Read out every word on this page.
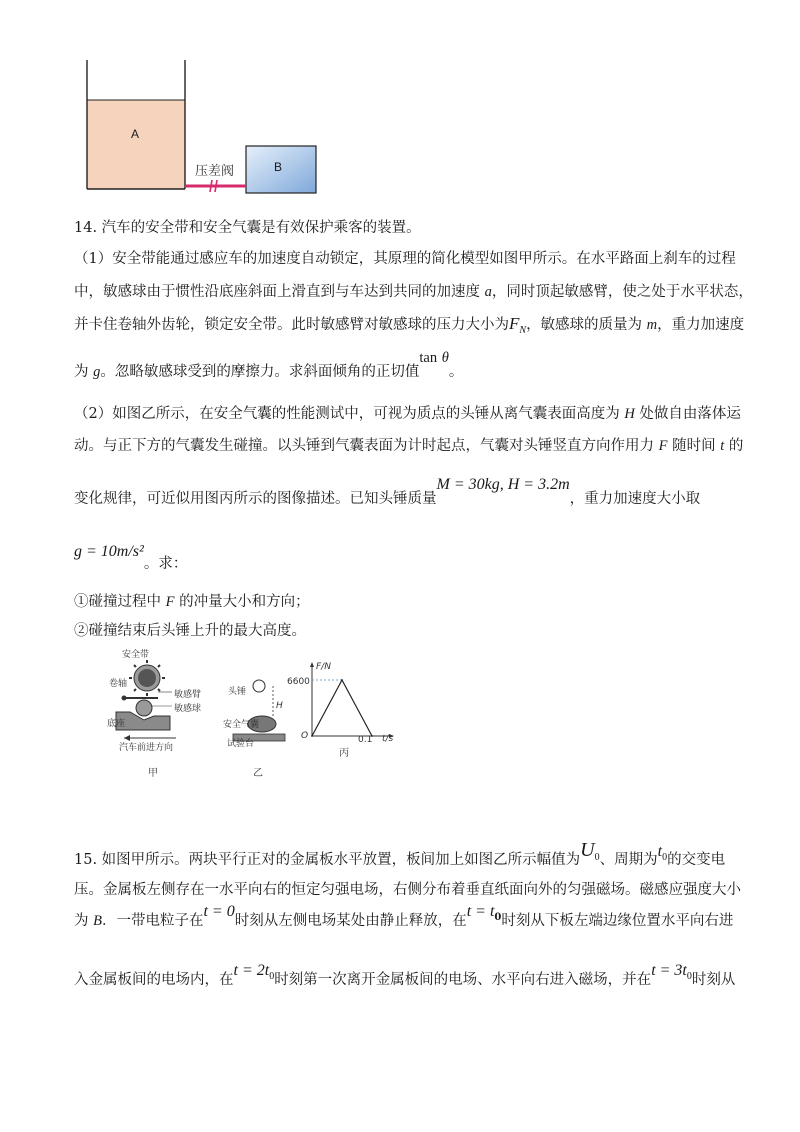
A
B
压差阀
14. 汽车的安全带和安全气囊是有效保护乘客的装置。
（1）安全带能通过感应车的加速度自动锁定，其原理的简化模型如图甲所示。在水平路面上刹车的过程
中，敏感球由于惯性沿底座斜面上滑直到与车达到共同的加速度 a，同时顶起敏感臂，使之处于水平状态，
并卡住卷轴外齿轮，锁定安全带。此时敏感臂对敏感球的压力大小为$F_N$，敏感球的质量为 m，重力加速度
为 g。忽略敏感球受到的摩擦力。求斜面倾角的正切值tan θ。
（2）如图乙所示，在安全气囊的性能测试中，可视为质点的头锤从离气囊表面高度为 H 处做自由落体运
动。与正下方的气囊发生碰撞。以头锤到气囊表面为计时起点，气囊对头锤竖直方向作用力 F 随时间 t 的
变化规律，可近似用图丙所示的图像描述。已知头锤质量M = 30kg, H = 3.2m，重力加速度大小取
g = 10m/s²。求：
①碰撞过程中 F 的冲量大小和方向；
②碰撞结束后头锤上升的最大高度。
安全带
卷轴
敏感臂
敏感球
底座
汽车前进方向
甲
头锤
H
安全气囊
试验台
乙
F/N
6600
O	0.1 t/s
丙
15. 如图甲所示。两块平行正对的金属板水平放置，板间加上如图乙所示幅值为$U_0$、周期为$t_0$的交变电
压。金属板左侧存在一水平向右的恒定匀强电场，右侧分布着垂直纸面向外的匀强磁场。磁感应强度大小
为 B．一带电粒子在t = 0时刻从左侧电场某处由静止释放，在$t = t_0$时刻从下板左端边缘位置水平向右进
入金属板间的电场内，在$t = 2t_0$时刻第一次离开金属板间的电场、水平向右进入磁场，并在$t = 3t_0$时刻从
